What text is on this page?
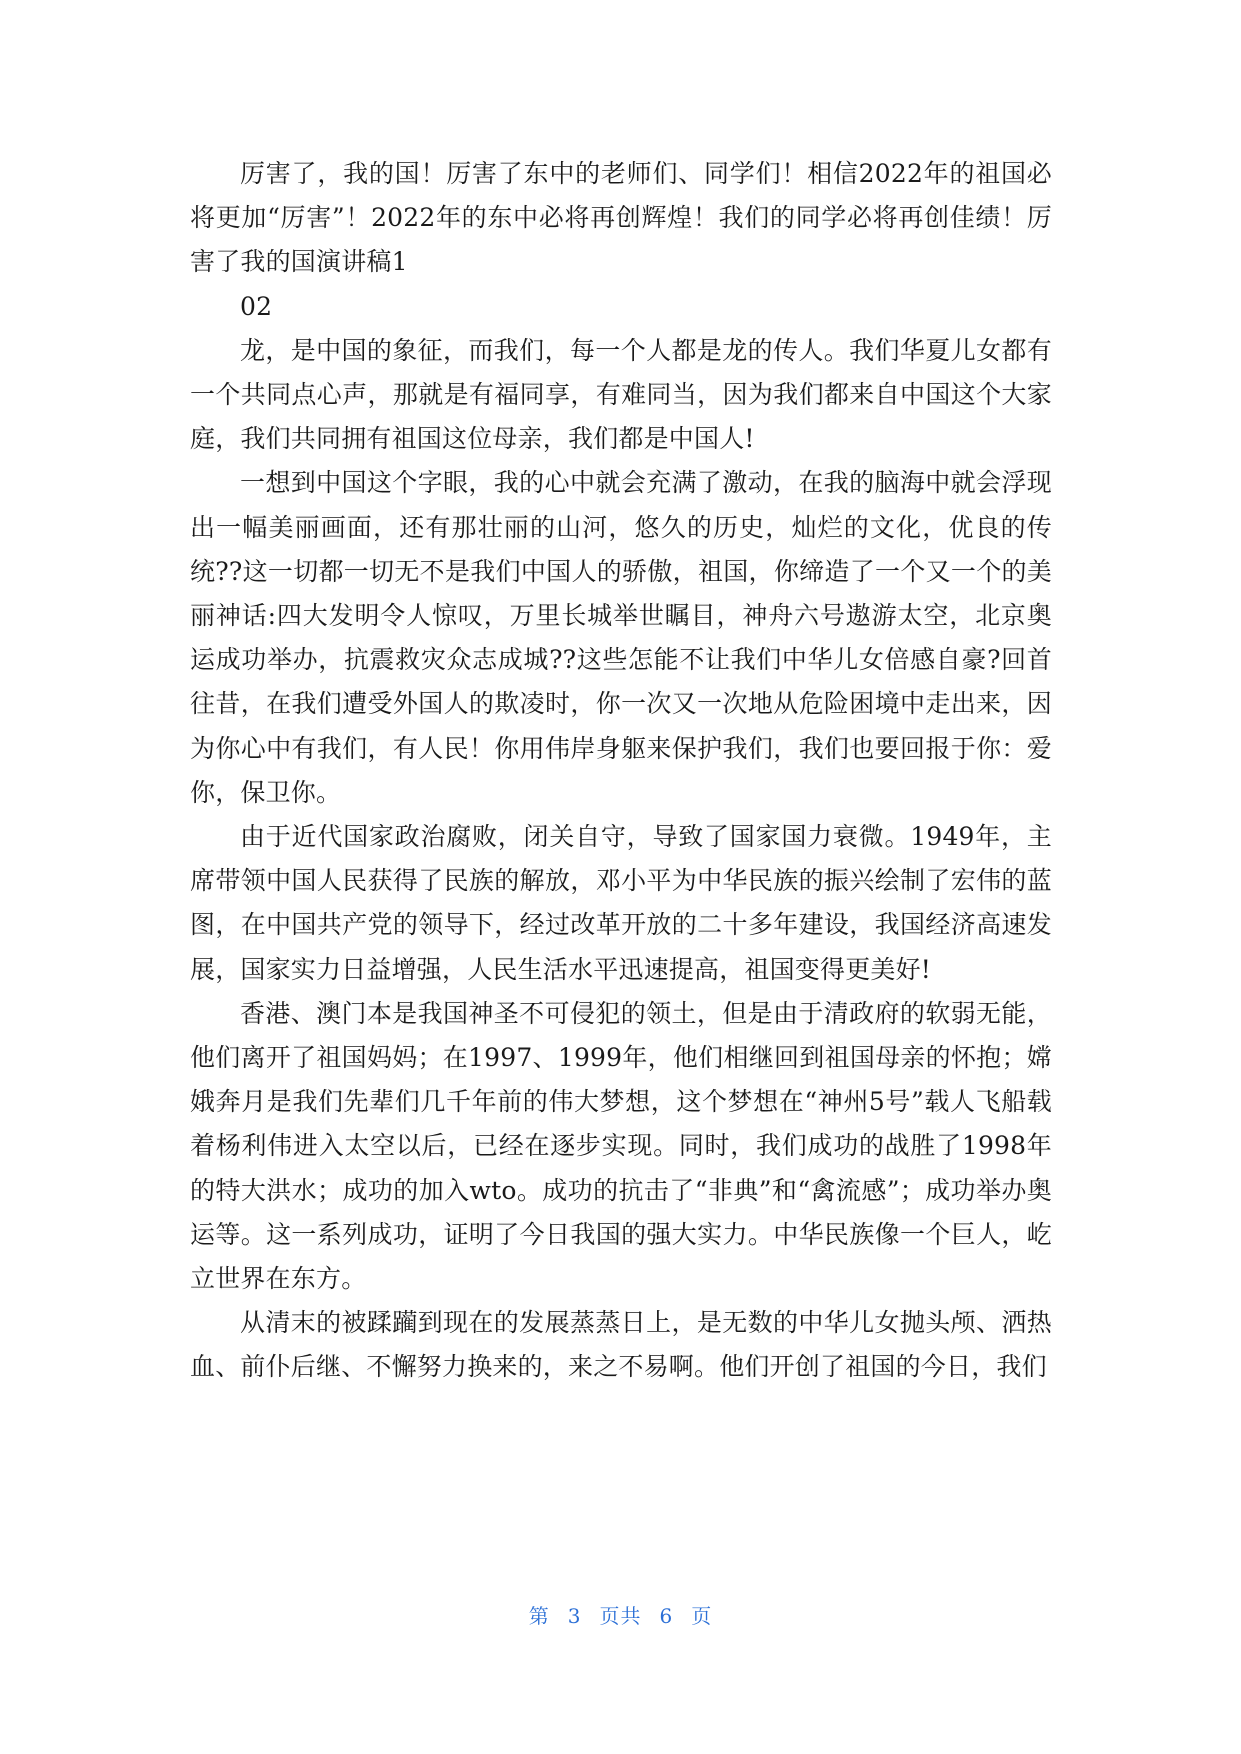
厉害了，我的国！厉害了东中的老师们、同学们！相信2022年的祖国必将更加“厉害”！2022年的东中必将再创辉煌！我们的同学必将再创佳绩！厉害了我的国演讲稿1

02

龙，是中国的象征，而我们，每一个人都是龙的传人。我们华夏儿女都有一个共同点心声，那就是有福同享，有难同当，因为我们都来自中国这个大家庭，我们共同拥有祖国这位母亲，我们都是中国人!

一想到中国这个字眼，我的心中就会充满了激动，在我的脑海中就会浮现出一幅美丽画面，还有那壮丽的山河，悠久的历史，灿烂的文化，优良的传统??这一切都一切无不是我们中国人的骄傲，祖国，你缔造了一个又一个的美丽神话:四大发明令人惊叹，万里长城举世瞩目，神舟六号遨游太空，北京奥运成功举办，抗震救灾众志成城??这些怎能不让我们中华儿女倍感自豪?回首往昔，在我们遭受外国人的欺凌时，你一次又一次地从危险困境中走出来，因为你心中有我们，有人民！你用伟岸身躯来保护我们，我们也要回报于你：爱你，保卫你。

由于近代国家政治腐败，闭关自守，导致了国家国力衰微。1949年，主席带领中国人民获得了民族的解放，邓小平为中华民族的振兴绘制了宏伟的蓝图，在中国共产党的领导下，经过改革开放的二十多年建设，我国经济高速发展，国家实力日益增强，人民生活水平迅速提高，祖国变得更美好!

香港、澳门本是我国神圣不可侵犯的领土，但是由于清政府的软弱无能，他们离开了祖国妈妈；在1997、1999年，他们相继回到祖国母亲的怀抱；嫦娥奔月是我们先辈们几千年前的伟大梦想，这个梦想在“神州5号”载人飞船载着杨利伟进入太空以后，已经在逐步实现。同时，我们成功的战胜了1998年的特大洪水；成功的加入wto。成功的抗击了“非典”和“禽流感”；成功举办奥运等。这一系列成功，证明了今日我国的强大实力。中华民族像一个巨人，屹立世界在东方。

从清末的被蹂躏到现在的发展蒸蒸日上，是无数的中华儿女抛头颅、洒热血、前仆后继、不懈努力换来的，来之不易啊。他们开创了祖国的今日，我们

第 3 页共 6 页
